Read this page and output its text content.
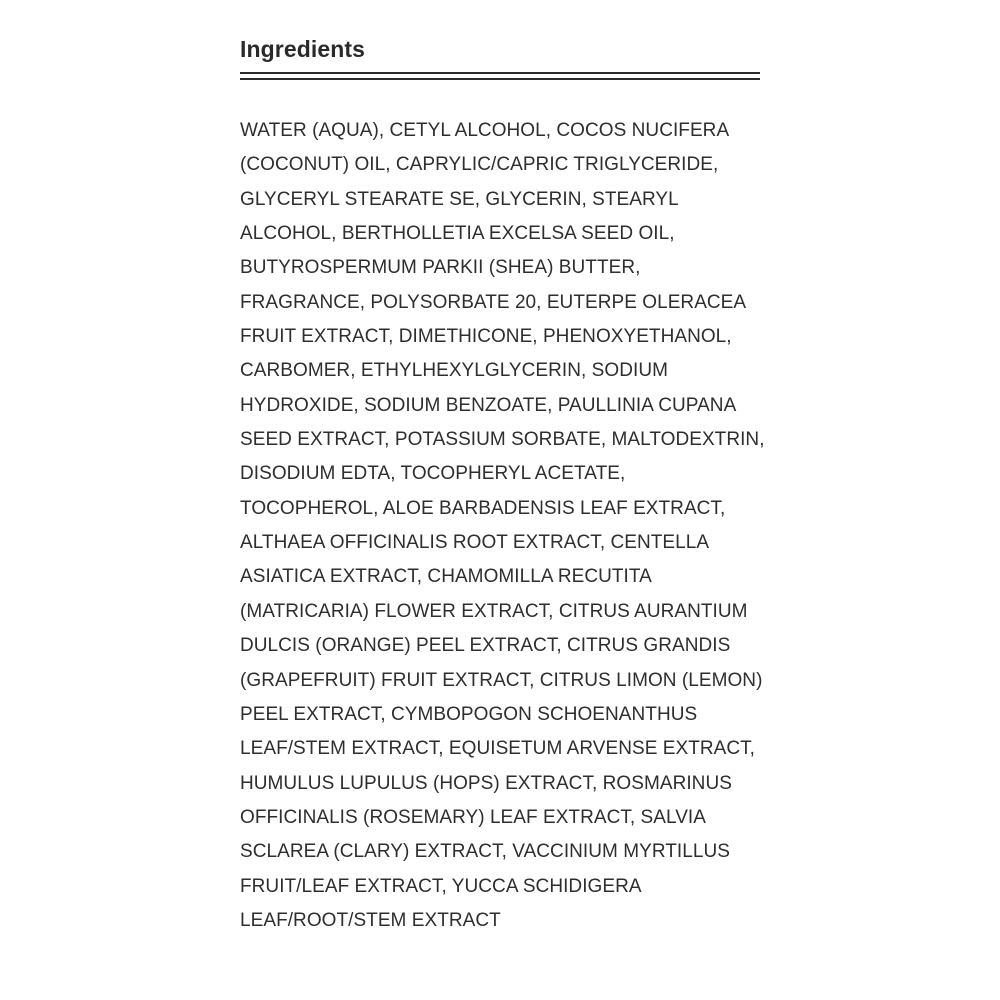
Ingredients

WATER (AQUA), CETYL ALCOHOL, COCOS NUCIFERA
(COCONUT) OIL, CAPRYLIC/CAPRIC TRIGLYCERIDE,
GLYCERYL STEARATE SE, GLYCERIN, STEARYL
ALCOHOL, BERTHOLLETIA EXCELSA SEED OIL,
BUTYROSPERMUM PARKII (SHEA) BUTTER,
FRAGRANCE, POLYSORBATE 20, EUTERPE OLERACEA
FRUIT EXTRACT, DIMETHICONE, PHENOXYETHANOL,
CARBOMER, ETHYLHEXYLGLYCERIN, SODIUM
HYDROXIDE, SODIUM BENZOATE, PAULLINIA CUPANA
SEED EXTRACT, POTASSIUM SORBATE, MALTODEXTRIN,
DISODIUM EDTA, TOCOPHERYL ACETATE,
TOCOPHEROL, ALOE BARBADENSIS LEAF EXTRACT,
ALTHAEA OFFICINALIS ROOT EXTRACT, CENTELLA
ASIATICA EXTRACT, CHAMOMILLA RECUTITA
(MATRICARIA) FLOWER EXTRACT, CITRUS AURANTIUM
DULCIS (ORANGE) PEEL EXTRACT, CITRUS GRANDIS
(GRAPEFRUIT) FRUIT EXTRACT, CITRUS LIMON (LEMON)
PEEL EXTRACT, CYMBOPOGON SCHOENANTHUS
LEAF/STEM EXTRACT, EQUISETUM ARVENSE EXTRACT,
HUMULUS LUPULUS (HOPS) EXTRACT, ROSMARINUS
OFFICINALIS (ROSEMARY) LEAF EXTRACT, SALVIA
SCLAREA (CLARY) EXTRACT, VACCINIUM MYRTILLUS
FRUIT/LEAF EXTRACT, YUCCA SCHIDIGERA
LEAF/ROOT/STEM EXTRACT
